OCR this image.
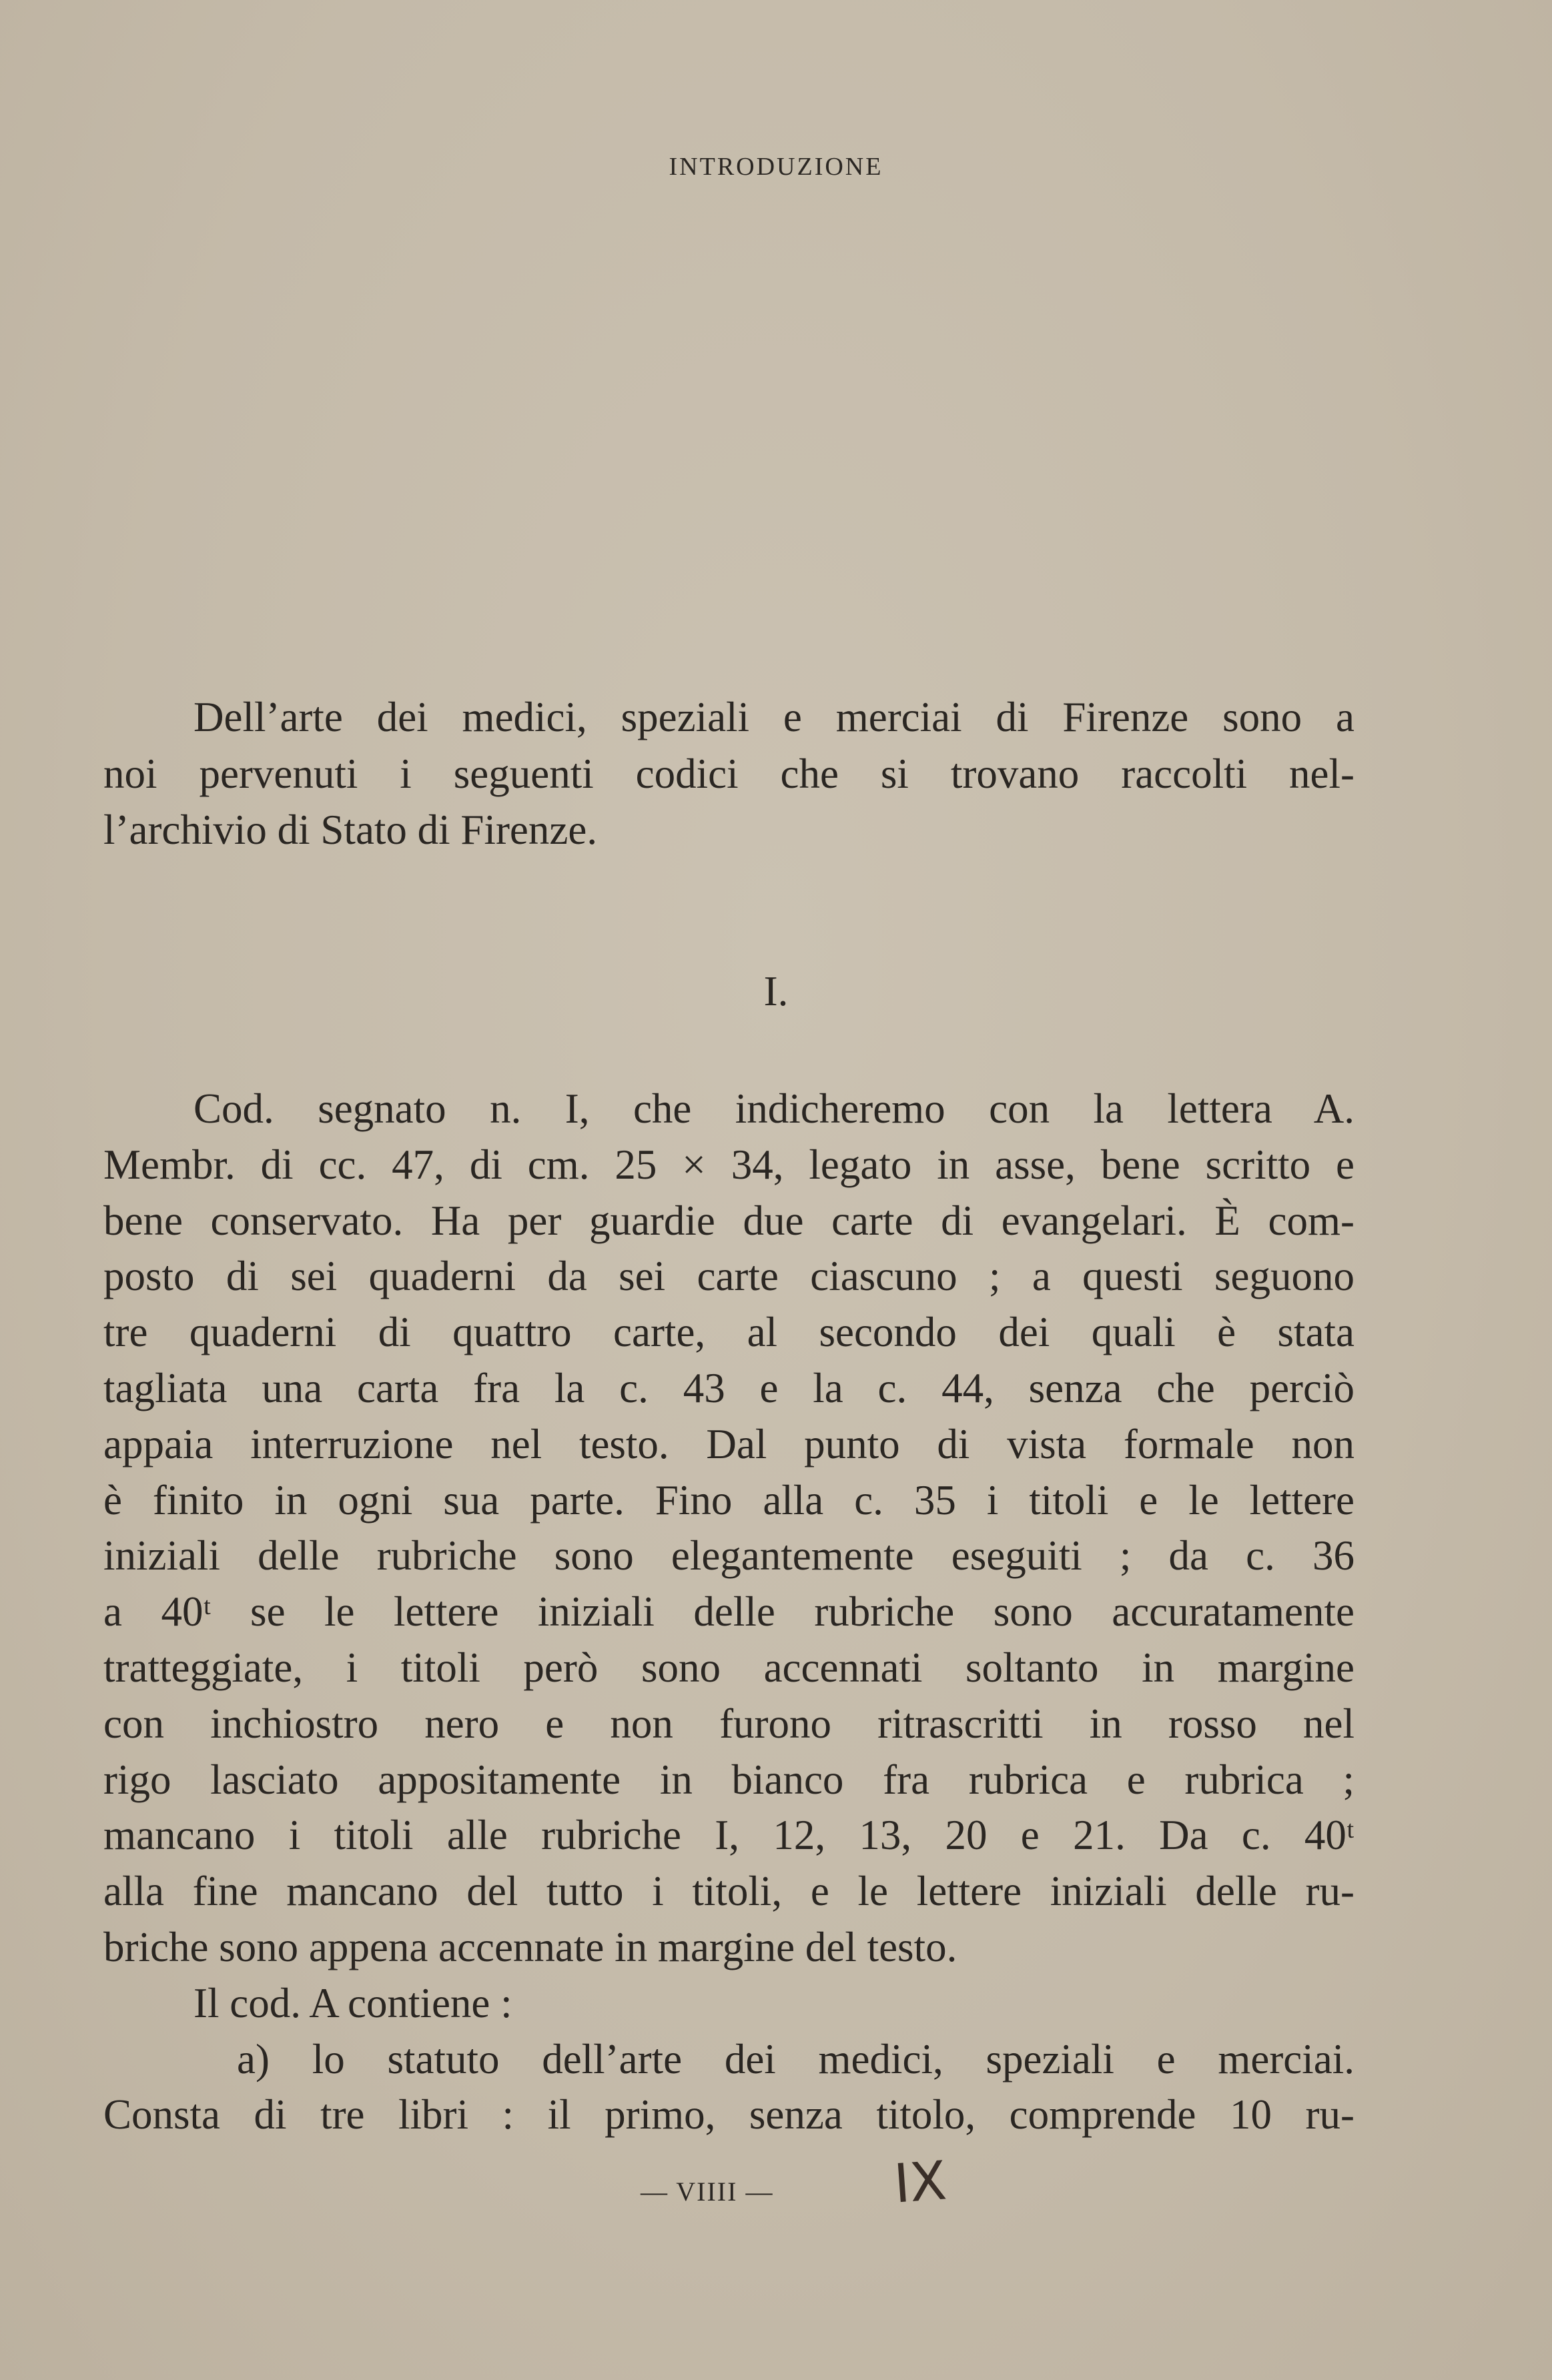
INTRODUZIONE
Dell’arte dei medici, speziali e merciai di Firenze sono a
noi pervenuti i seguenti codici che si trovano raccolti nel-
l’archivio di Stato di Firenze.
I.
Cod. segnato n. I, che indicheremo con la lettera A.
Membr. di cc. 47, di cm. 25 × 34, legato in asse, bene scritto e
bene conservato. Ha per guardie due carte di evangelari. È com-
posto di sei quaderni da sei carte ciascuno ; a questi seguono
tre quaderni di quattro carte, al secondo dei quali è stata
tagliata una carta fra la c. 43 e la c. 44, senza che perciò
appaia interruzione nel testo. Dal punto di vista formale non
è finito in ogni sua parte. Fino alla c. 35 i titoli e le lettere
iniziali delle rubriche sono elegantemente eseguiti ; da c. 36
a 40ᵗ se le lettere iniziali delle rubriche sono accuratamente
tratteggiate, i titoli però sono accennati soltanto in margine
con inchiostro nero e non furono ritrascritti in rosso nel
rigo lasciato appositamente in bianco fra rubrica e rubrica ;
mancano i titoli alle rubriche I, 12, 13, 20 e 21. Da c. 40ᵗ
alla fine mancano del tutto i titoli, e le lettere iniziali delle ru-
briche sono appena accennate in margine del testo.
Il cod. A contiene :
a) lo statuto dell’arte dei medici, speziali e merciai.
Consta di tre libri : il primo, senza titolo, comprende 10 ru-
— VIIII — IX
